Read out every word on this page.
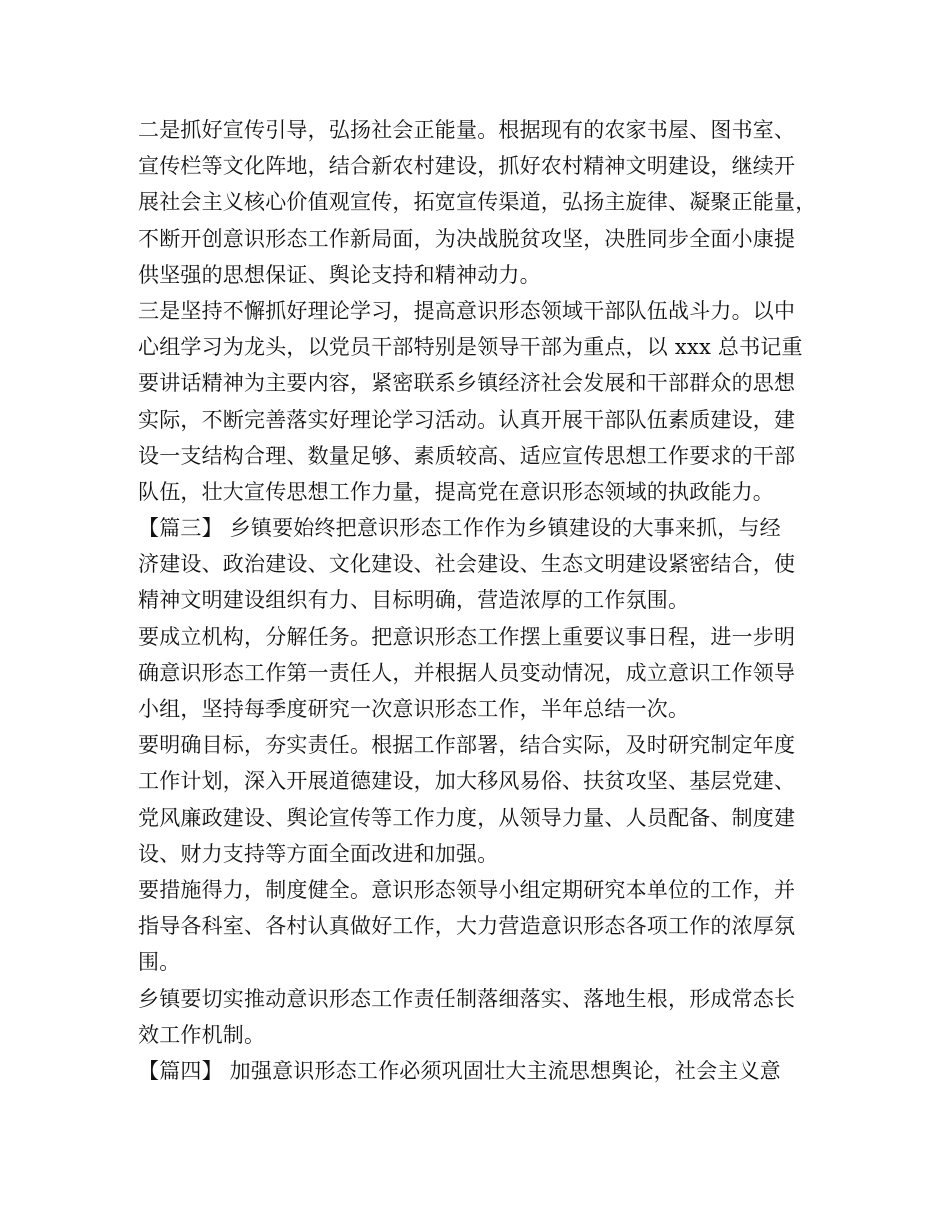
二是抓好宣传引导，弘扬社会正能量。根据现有的农家书屋、图书室、
宣传栏等文化阵地，结合新农村建设，抓好农村精神文明建设，继续开
展社会主义核心价值观宣传，拓宽宣传渠道，弘扬主旋律、凝聚正能量，
不断开创意识形态工作新局面，为决战脱贫攻坚，决胜同步全面小康提
供坚强的思想保证、舆论支持和精神动力。
三是坚持不懈抓好理论学习，提高意识形态领域干部队伍战斗力。以中
心组学习为龙头，以党员干部特别是领导干部为重点，以 xxx 总书记重
要讲话精神为主要内容，紧密联系乡镇经济社会发展和干部群众的思想
实际，不断完善落实好理论学习活动。认真开展干部队伍素质建设，建
设一支结构合理、数量足够、素质较高、适应宣传思想工作要求的干部
队伍，壮大宣传思想工作力量，提高党在意识形态领域的执政能力。
【篇三】 乡镇要始终把意识形态工作作为乡镇建设的大事来抓，与经
济建设、政治建设、文化建设、社会建设、生态文明建设紧密结合，使
精神文明建设组织有力、目标明确，营造浓厚的工作氛围。
要成立机构，分解任务。把意识形态工作摆上重要议事日程，进一步明
确意识形态工作第一责任人，并根据人员变动情况，成立意识工作领导
小组，坚持每季度研究一次意识形态工作，半年总结一次。
要明确目标，夯实责任。根据工作部署，结合实际，及时研究制定年度
工作计划，深入开展道德建设，加大移风易俗、扶贫攻坚、基层党建、
党风廉政建设、舆论宣传等工作力度，从领导力量、人员配备、制度建
设、财力支持等方面全面改进和加强。
要措施得力，制度健全。意识形态领导小组定期研究本单位的工作，并
指导各科室、各村认真做好工作，大力营造意识形态各项工作的浓厚氛
围。
乡镇要切实推动意识形态工作责任制落细落实、落地生根，形成常态长
效工作机制。
【篇四】 加强意识形态工作必须巩固壮大主流思想舆论，社会主义意
